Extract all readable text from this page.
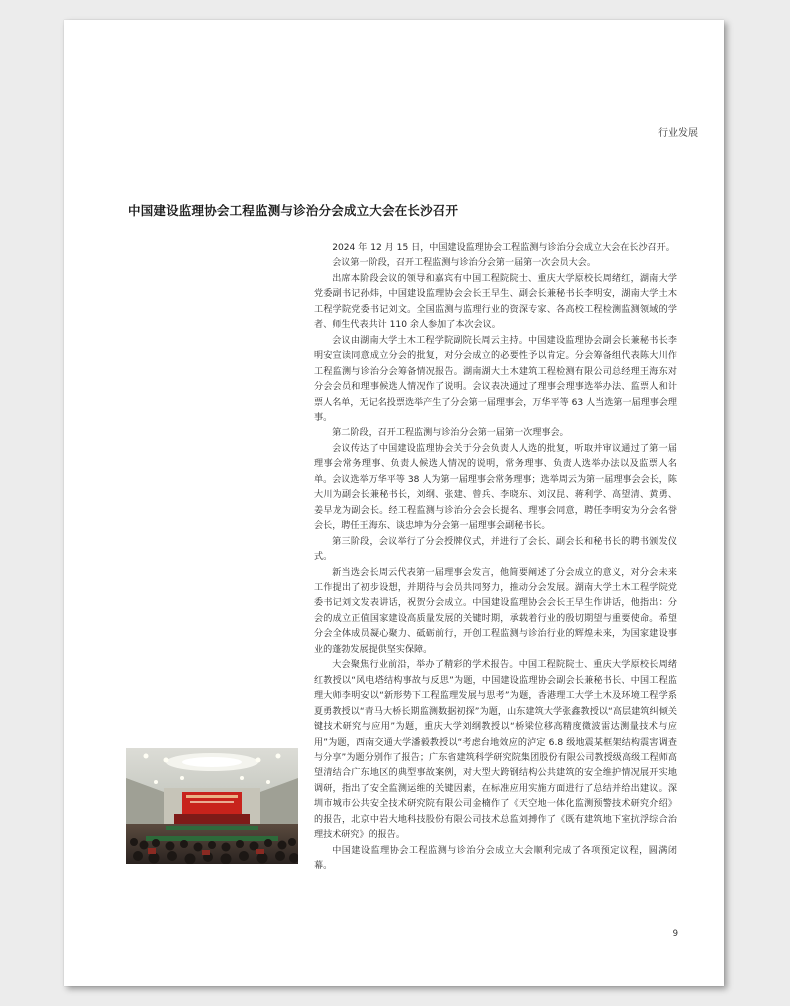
行业发展
中国建设监理协会工程监测与诊治分会成立大会在长沙召开

2024 年 12 月 15 日，中国建设监理协会工程监测与诊治分会成立大会在长沙召开。

会议第一阶段，召开工程监测与诊治分会第一届第一次会员大会。

出席本阶段会议的领导和嘉宾有中国工程院院士、重庆大学原校长周绪红，湖南大学党委副书记孙炜，中国建设监理协会会长王早生、副会长兼秘书长李明安，湖南大学土木工程学院党委书记刘文。全国监测与监理行业的资深专家、各高校工程检测监测领域的学者、师生代表共计 110 余人参加了本次会议。

会议由湖南大学土木工程学院副院长周云主持。中国建设监理协会副会长兼秘书长李明安宣读同意成立分会的批复，对分会成立的必要性予以肯定。分会筹备组代表陈大川作工程监测与诊治分会筹备情况报告。湖南湖大土木建筑工程检测有限公司总经理王海东对分会会员和理事候选人情况作了说明。会议表决通过了理事会理事选举办法、监票人和计票人名单，无记名投票选举产生了分会第一届理事会，万华平等 63 人当选第一届理事会理事。

第二阶段，召开工程监测与诊治分会第一届第一次理事会。

会议传达了中国建设监理协会关于分会负责人人选的批复，听取并审议通过了第一届理事会常务理事、负责人候选人情况的说明，常务理事、负责人选举办法以及监票人名单。会议选举万华平等 38 人为第一届理事会常务理事；选举周云为第一届理事会会长，陈大川为副会长兼秘书长，刘纲、张建、曾兵、李晓东、刘汉昆、蒋利学、高望清、黄勇、姜早龙为副会长。经工程监测与诊治分会会长提名、理事会同意，聘任李明安为分会名誉会长，聘任王海东、谈忠坤为分会第一届理事会副秘书长。

第三阶段，会议举行了分会授牌仪式，并进行了会长、副会长和秘书长的聘书颁发仪式。

新当选会长周云代表第一届理事会发言，他简要阐述了分会成立的意义，对分会未来工作提出了初步设想，并期待与会员共同努力，推动分会发展。湖南大学土木工程学院党委书记刘文发表讲话，祝贺分会成立。中国建设监理协会会长王早生作讲话，他指出：分会的成立正值国家建设高质量发展的关键时期，承载着行业的殷切期望与重要使命。希望分会全体成员凝心聚力、砥砺前行，开创工程监测与诊治行业的辉煌未来，为国家建设事业的蓬勃发展提供坚实保障。

大会聚焦行业前沿，举办了精彩的学术报告。中国工程院院士、重庆大学原校长周绪红教授以“风电塔结构事故与反思”为题，中国建设监理协会副会长兼秘书长、中国工程监理大师李明安以“新形势下工程监理发展与思考”为题，香港理工大学土木及环境工程学系夏勇教授以“青马大桥长期监测数据初探”为题，山东建筑大学张鑫教授以“高层建筑纠倾关键技术研究与应用”为题，重庆大学刘纲教授以“桥梁位移高精度微波雷达测量技术与应用”为题，西南交通大学潘毅教授以“考虑台地效应的泸定 6.8 级地震某框架结构震害调查与分享”为题分别作了报告；广东省建筑科学研究院集团股份有限公司教授级高级工程师高望清结合广东地区的典型事故案例，对大型大跨钢结构公共建筑的安全维护情况展开实地调研，指出了安全监测运维的关键因素，在标准应用实施方面进行了总结并给出建议。深圳市城市公共安全技术研究院有限公司金楠作了《天空地一体化监测预警技术研究介绍》的报告，北京中岩大地科技股份有限公司技术总监刘搏作了《既有建筑地下室抗浮综合治理技术研究》的报告。

中国建设监理协会工程监测与诊治分会成立大会顺利完成了各项预定议程，圆满闭幕。

9
